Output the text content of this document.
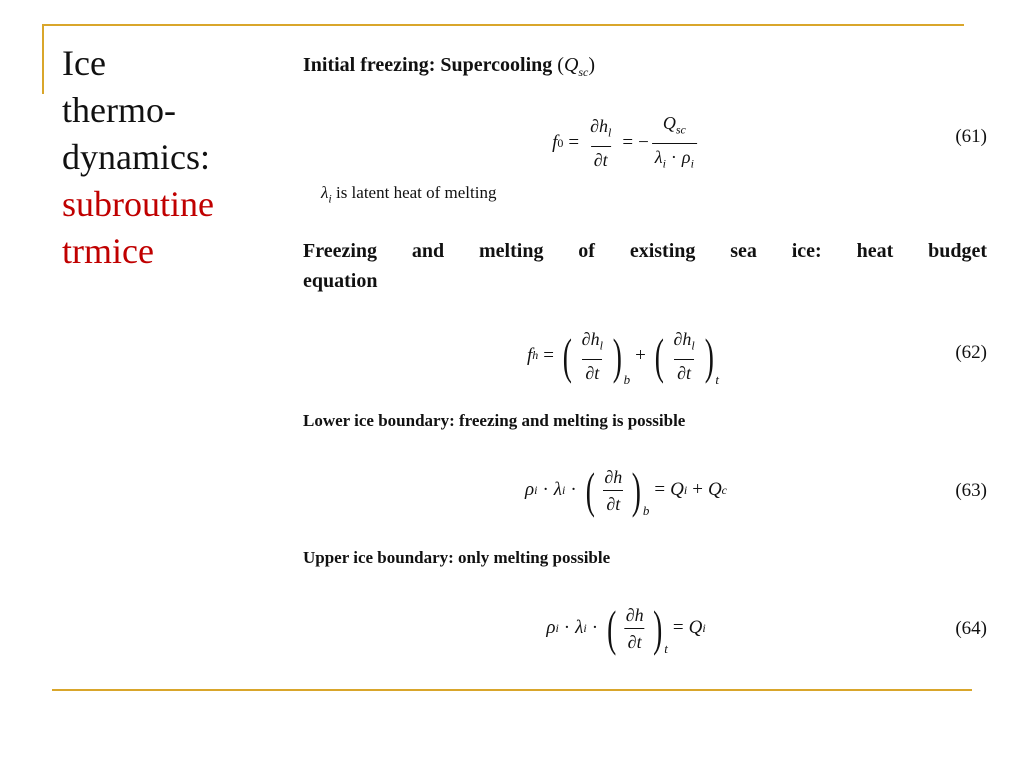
Ice
thermo-
dynamics:
subroutine
trmice

Initial freezing: Supercooling $(Q_{sc})$

$\lambda_i$ is latent heat of melting
Freezing and melting of existing sea ice: heat budget
equation

Lower ice boundary: freezing and melting is possible

Upper ice boundary: only melting possible

f $0 = \frac{\partial h_l}{\partial t}$ = − $\frac{Q_{sc}}{\lambda_i \cdot \rho_i}$	(61)
f h = ( $\frac{\partial h_l}{\partial t}$ ) b
+ ( $\frac{\partial h_l}{\partial t}$ ) t
(62)
ρ i · λ i · ( $\frac{\partial h}{\partial t}$ ) b
= Q i + Q c	(63)
ρ i · λ i · ( $\frac{\partial h}{\partial t}$ ) t
= Q i	(64)
